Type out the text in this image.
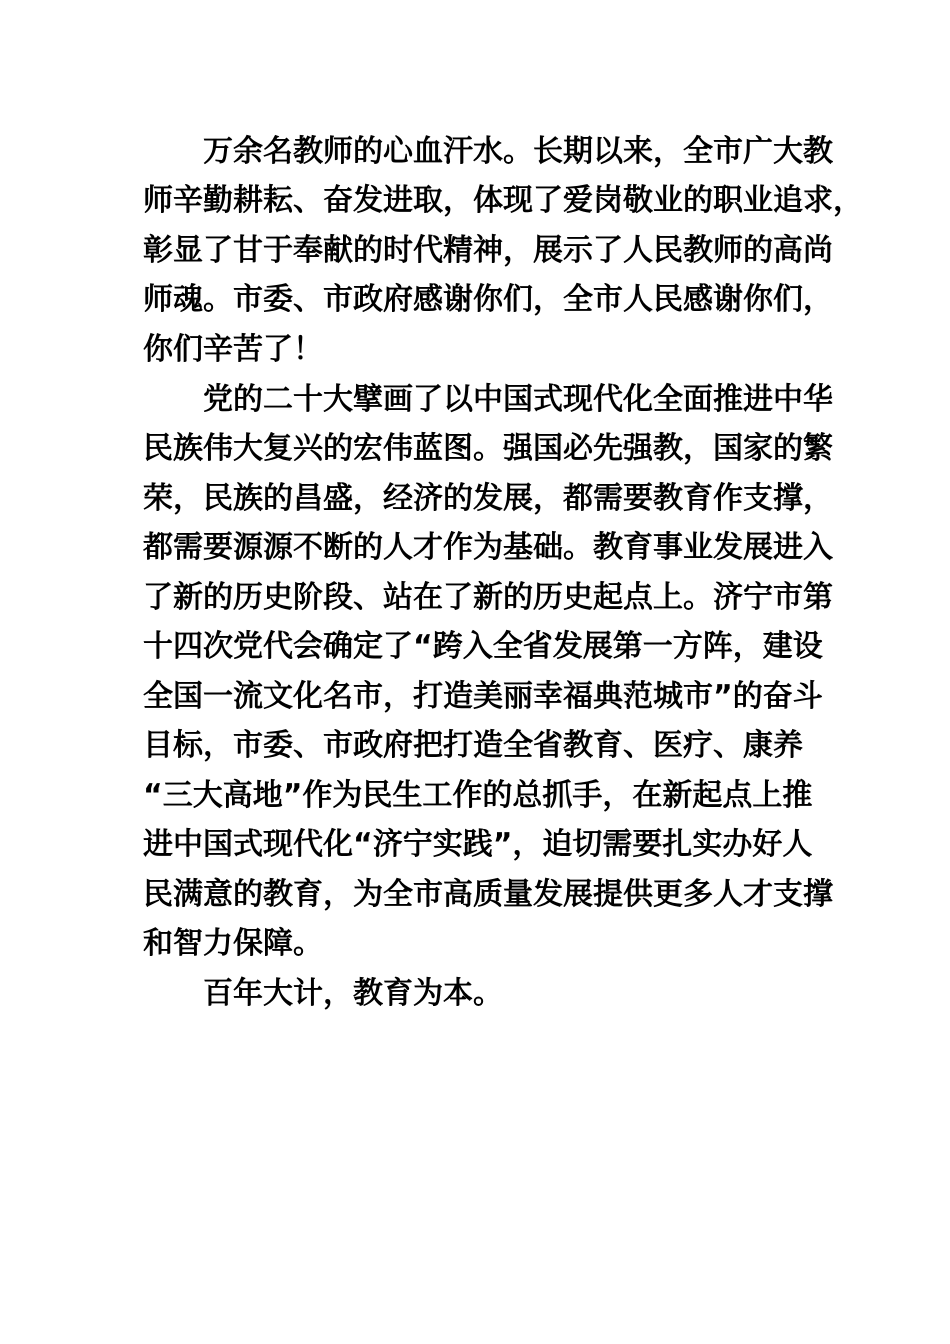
　　万余名教师的心血汗水。长期以来，全市广大教
师辛勤耕耘、奋发进取，体现了爱岗敬业的职业追求，
彰显了甘于奉献的时代精神，展示了人民教师的高尚
师魂。市委、市政府感谢你们，全市人民感谢你们，
你们辛苦了！
　　党的二十大擘画了以中国式现代化全面推进中华
民族伟大复兴的宏伟蓝图。强国必先强教，国家的繁
荣，民族的昌盛，经济的发展，都需要教育作支撑，
都需要源源不断的人才作为基础。教育事业发展进入
了新的历史阶段、站在了新的历史起点上。济宁市第
十四次党代会确定了“跨入全省发展第一方阵，建设
全国一流文化名市，打造美丽幸福典范城市”的奋斗
目标，市委、市政府把打造全省教育、医疗、康养
“三大高地”作为民生工作的总抓手，在新起点上推
进中国式现代化“济宁实践”，迫切需要扎实办好人
民满意的教育，为全市高质量发展提供更多人才支撑
和智力保障。
　　百年大计，教育为本。
